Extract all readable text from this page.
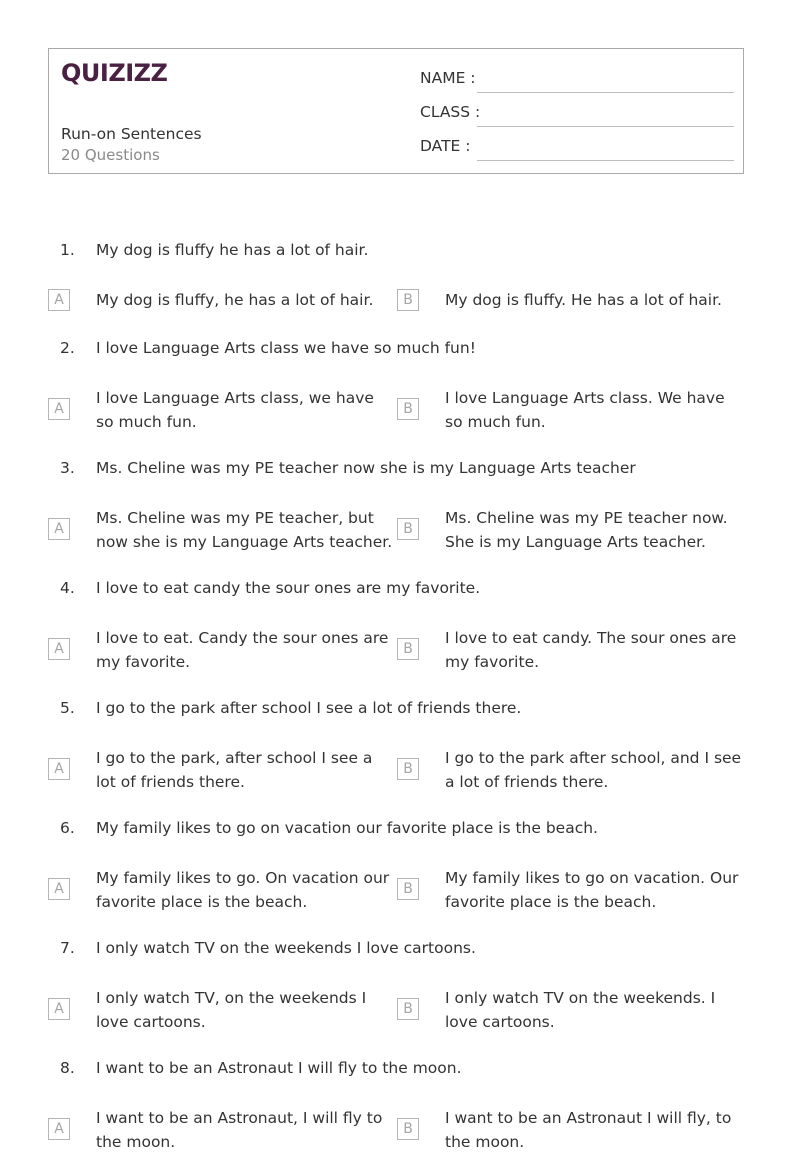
QUIZIZZ
Run-on Sentences
20 Questions
NAME :
CLASS :
DATE :
1.	My dog is fluffy he has a lot of hair.
A	My dog is fluffy, he has a lot of hair.	B	My dog is fluffy. He has a lot of hair.
2.	I love Language Arts class we have so much fun!
A
I love Language Arts class, we have so much fun.
B
I love Language Arts class. We have so much fun.
3.	Ms. Cheline was my PE teacher now she is my Language Arts teacher
A
Ms. Cheline was my PE teacher, but now she is my Language Arts teacher.
B
Ms. Cheline was my PE teacher now. She is my Language Arts teacher.
4.	I love to eat candy the sour ones are my favorite.
A
I love to eat. Candy the sour ones are my favorite.
B
I love to eat candy. The sour ones are my favorite.
5.	I go to the park after school I see a lot of friends there.
A
I go to the park, after school I see a lot of friends there.
B
I go to the park after school, and I see a lot of friends there.
6.	My family likes to go on vacation our favorite place is the beach.
A
My family likes to go. On vacation our favorite place is the beach.
B
My family likes to go on vacation. Our favorite place is the beach.
7.	I only watch TV on the weekends I love cartoons.
A
I only watch TV, on the weekends I love cartoons.
B
I only watch TV on the weekends. I love cartoons.
8.	I want to be an Astronaut I will fly to the moon.
A
I want to be an Astronaut, I will fly to the moon.
B
I want to be an Astronaut I will fly, to the moon.
